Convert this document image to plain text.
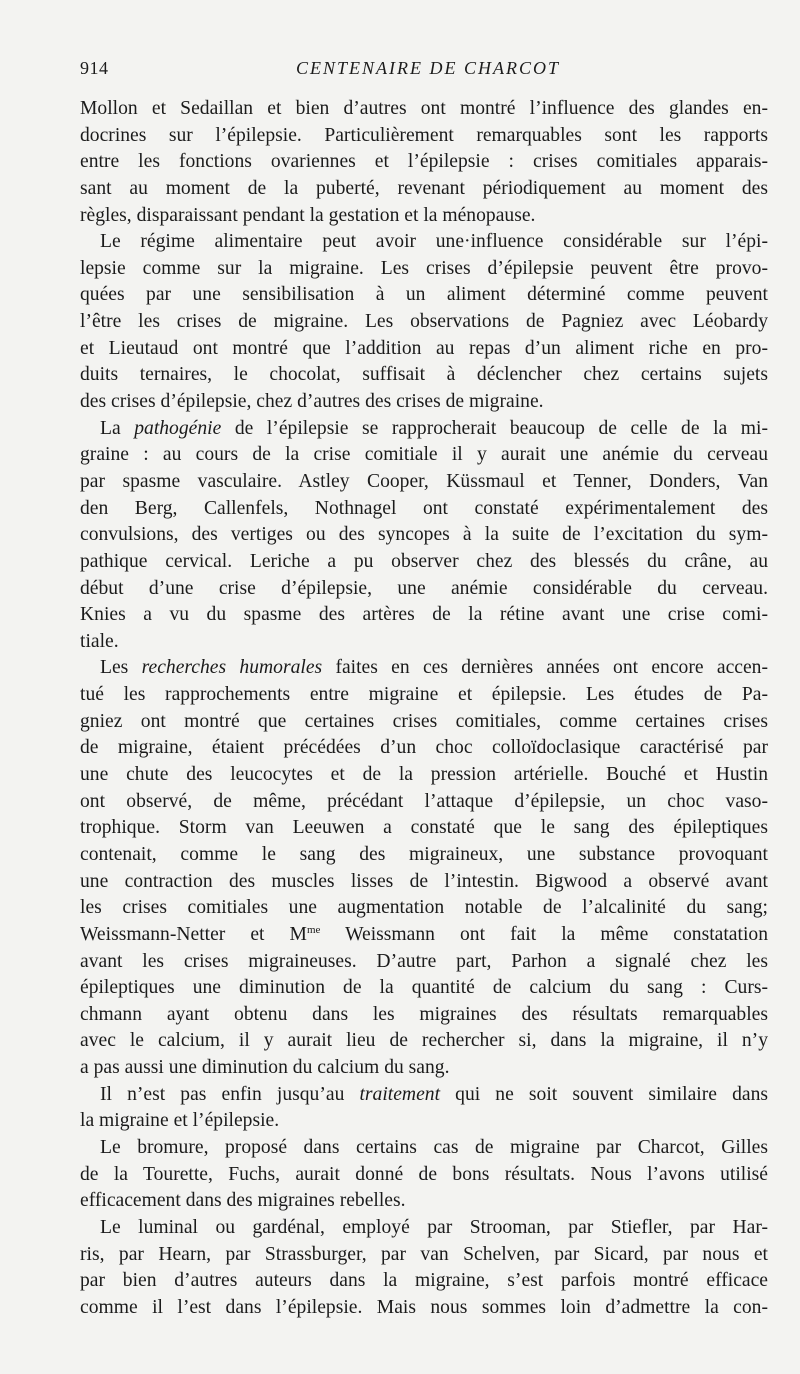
914	CENTENAIRE DE CHARCOT
Mollon et Sedaillan et bien d’autres ont montré l’influence des glandes en-
docrines sur l’épilepsie. Particulièrement remarquables sont les rapports
entre les fonctions ovariennes et l’épilepsie : crises comitiales apparais-
sant au moment de la puberté, revenant périodiquement au moment des
règles, disparaissant pendant la gestation et la ménopause.
Le régime alimentaire peut avoir une·influence considérable sur l’épi-
lepsie comme sur la migraine. Les crises d’épilepsie peuvent être provo-
quées par une sensibilisation à un aliment déterminé comme peuvent
l’être les crises de migraine. Les observations de Pagniez avec Léobardy
et Lieutaud ont montré que l’addition au repas d’un aliment riche en pro-
duits ternaires, le chocolat, suffisait à déclencher chez certains sujets
des crises d’épilepsie, chez d’autres des crises de migraine.
La pathogénie de l’épilepsie se rapprocherait beaucoup de celle de la mi-
graine : au cours de la crise comitiale il y aurait une anémie du cerveau
par spasme vasculaire. Astley Cooper, Küssmaul et Tenner, Donders, Van
den Berg, Callenfels, Nothnagel ont constaté expérimentalement des
convulsions, des vertiges ou des syncopes à la suite de l’excitation du sym-
pathique cervical. Leriche a pu observer chez des blessés du crâne, au
début d’une crise d’épilepsie, une anémie considérable du cerveau.
Knies a vu du spasme des artères de la rétine avant une crise comi-
tiale.
Les recherches humorales faites en ces dernières années ont encore accen-
tué les rapprochements entre migraine et épilepsie. Les études de Pa-
gniez ont montré que certaines crises comitiales, comme certaines crises
de migraine, étaient précédées d’un choc colloïdoclasique caractérisé par
une chute des leucocytes et de la pression artérielle. Bouché et Hustin
ont observé, de même, précédant l’attaque d’épilepsie, un choc vaso-
trophique. Storm van Leeuwen a constaté que le sang des épileptiques
contenait, comme le sang des migraineux, une substance provoquant
une contraction des muscles lisses de l’intestin. Bigwood a observé avant
les crises comitiales une augmentation notable de l’alcalinité du sang;
Weissmann-Netter et $M^{me}$ Weissmann ont fait la même constatation
avant les crises migraineuses. D’autre part, Parhon a signalé chez les
épileptiques une diminution de la quantité de calcium du sang : Curs-
chmann ayant obtenu dans les migraines des résultats remarquables
avec le calcium, il y aurait lieu de rechercher si, dans la migraine, il n’y
a pas aussi une diminution du calcium du sang.
Il n’est pas enfin jusqu’au traitement qui ne soit souvent similaire dans
la migraine et l’épilepsie.
Le bromure, proposé dans certains cas de migraine par Charcot, Gilles
de la Tourette, Fuchs, aurait donné de bons résultats. Nous l’avons utilisé
efficacement dans des migraines rebelles.
Le luminal ou gardénal, employé par Strooman, par Stiefler, par Har-
ris, par Hearn, par Strassburger, par van Schelven, par Sicard, par nous et
par bien d’autres auteurs dans la migraine, s’est parfois montré efficace
comme il l’est dans l’épilepsie. Mais nous sommes loin d’admettre la con-
